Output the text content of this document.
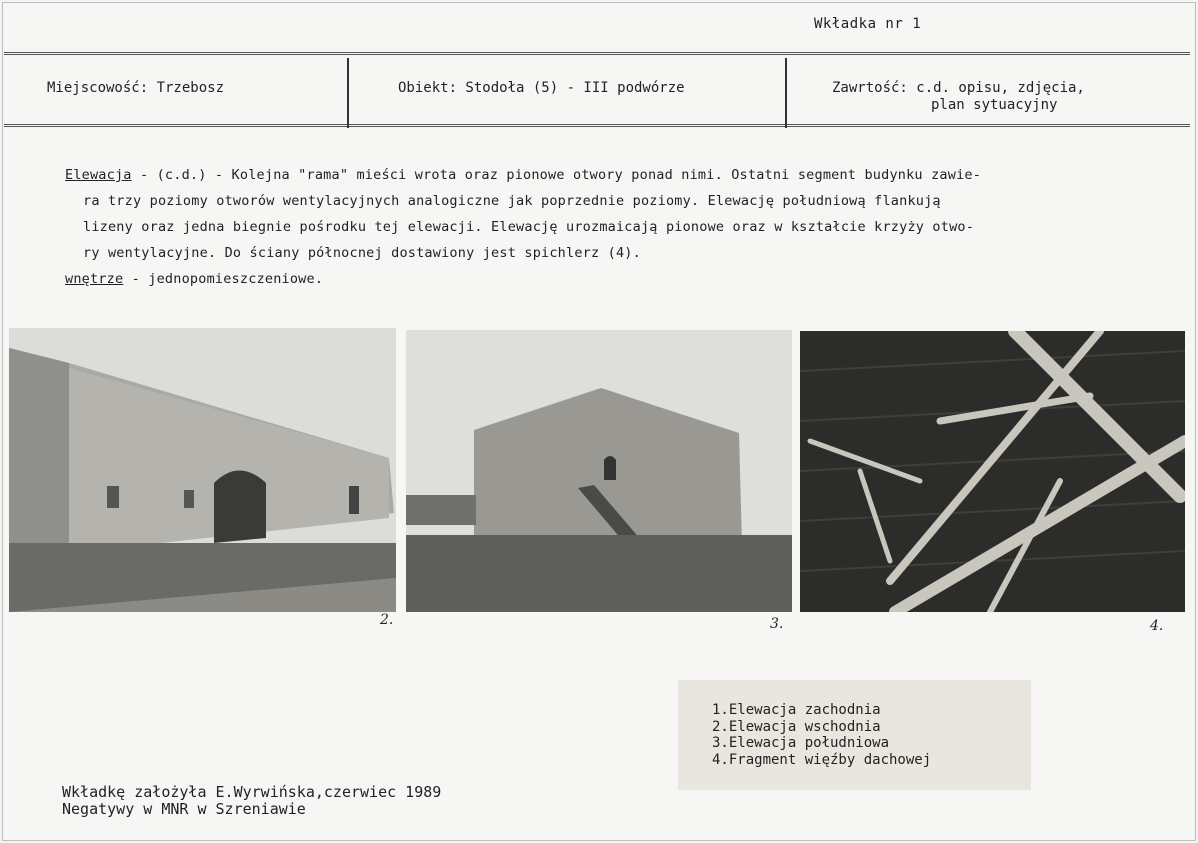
Wkładka nr 1
Miejscowość: Trzebosz	Obiekt: Stodoła (5) - III podwórze	Zawrtość: c.d. opisu, zdjęcia,
plan sytuacyjny

Elewacja - (c.d.) - Kolejna "rama" mieści wrota oraz pionowe otwory ponad nimi. Ostatni segment budynku zawie-

ra trzy poziomy otworów wentylacyjnych analogiczne jak poprzednie poziomy. Elewację południową flankują

lizeny oraz jedna biegnie pośrodku tej elewacji. Elewację urozmaicają pionowe oraz w kształcie krzyży otwo-

ry wentylacyjne. Do ściany północnej dostawiony jest spichlerz (4).

wnętrze - jednopomieszczeniowe.

2.	3.	4.
1.Elewacja zachodnia
2.Elewacja wschodnia
3.Elewacja południowa
4.Fragment więźby dachowej
Wkładkę założyła E.Wyrwińska,czerwiec 1989
Negatywy w MNR w Szreniawie
